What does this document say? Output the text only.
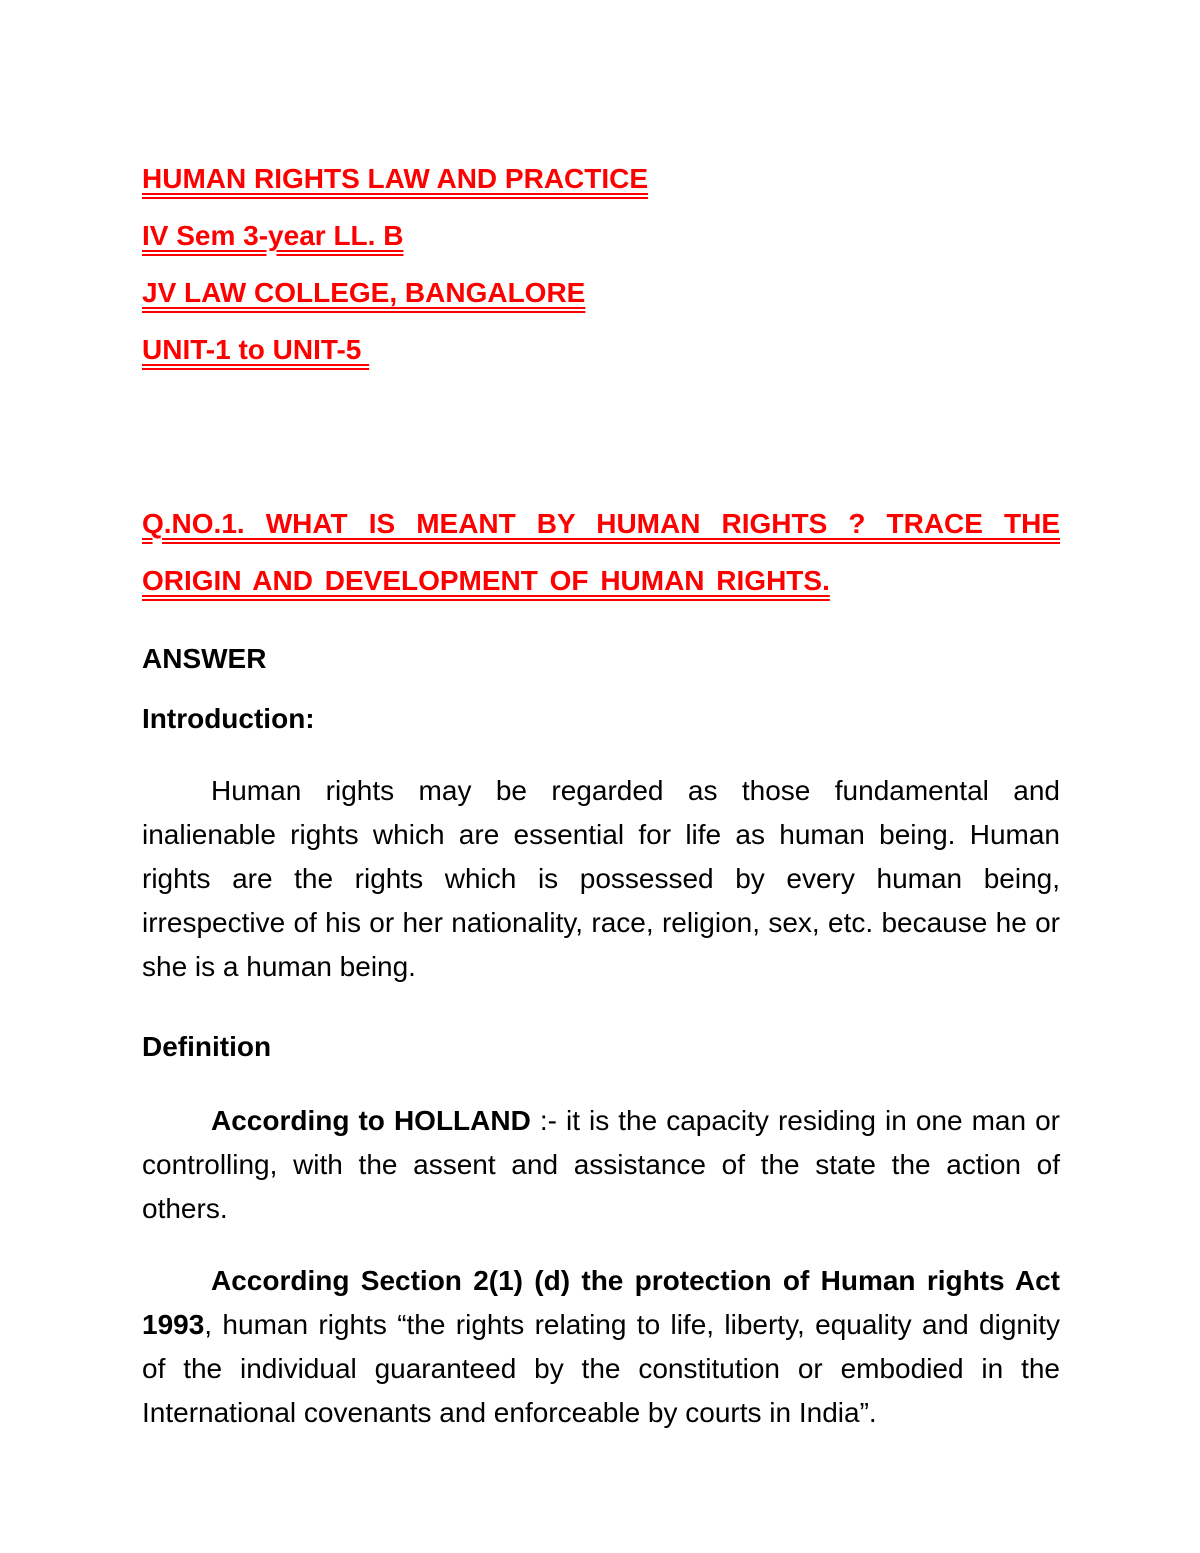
HUMAN RIGHTS LAW AND PRACTICE

IV Sem 3-year LL. B

JV LAW COLLEGE, BANGALORE

UNIT-1 to UNIT-5

Q.NO.1. WHAT IS MEANT BY HUMAN RIGHTS ? TRACE THE ORIGIN AND DEVELOPMENT OF HUMAN RIGHTS.

ANSWER

Introduction:

Human rights may be regarded as those fundamental and inalienable rights which are essential for life as human being. Human rights are the rights which is possessed by every human being, irrespective of his or her nationality, race, religion, sex, etc. because he or she is a human being.

Definition

According to HOLLAND :- it is the capacity residing in one man or controlling, with the assent and assistance of the state the action of others.

According Section 2(1) (d) the protection of Human rights Act 1993, human rights “the rights relating to life, liberty, equality and dignity of the individual guaranteed by the constitution or embodied in the International covenants and enforceable by courts in India”.
